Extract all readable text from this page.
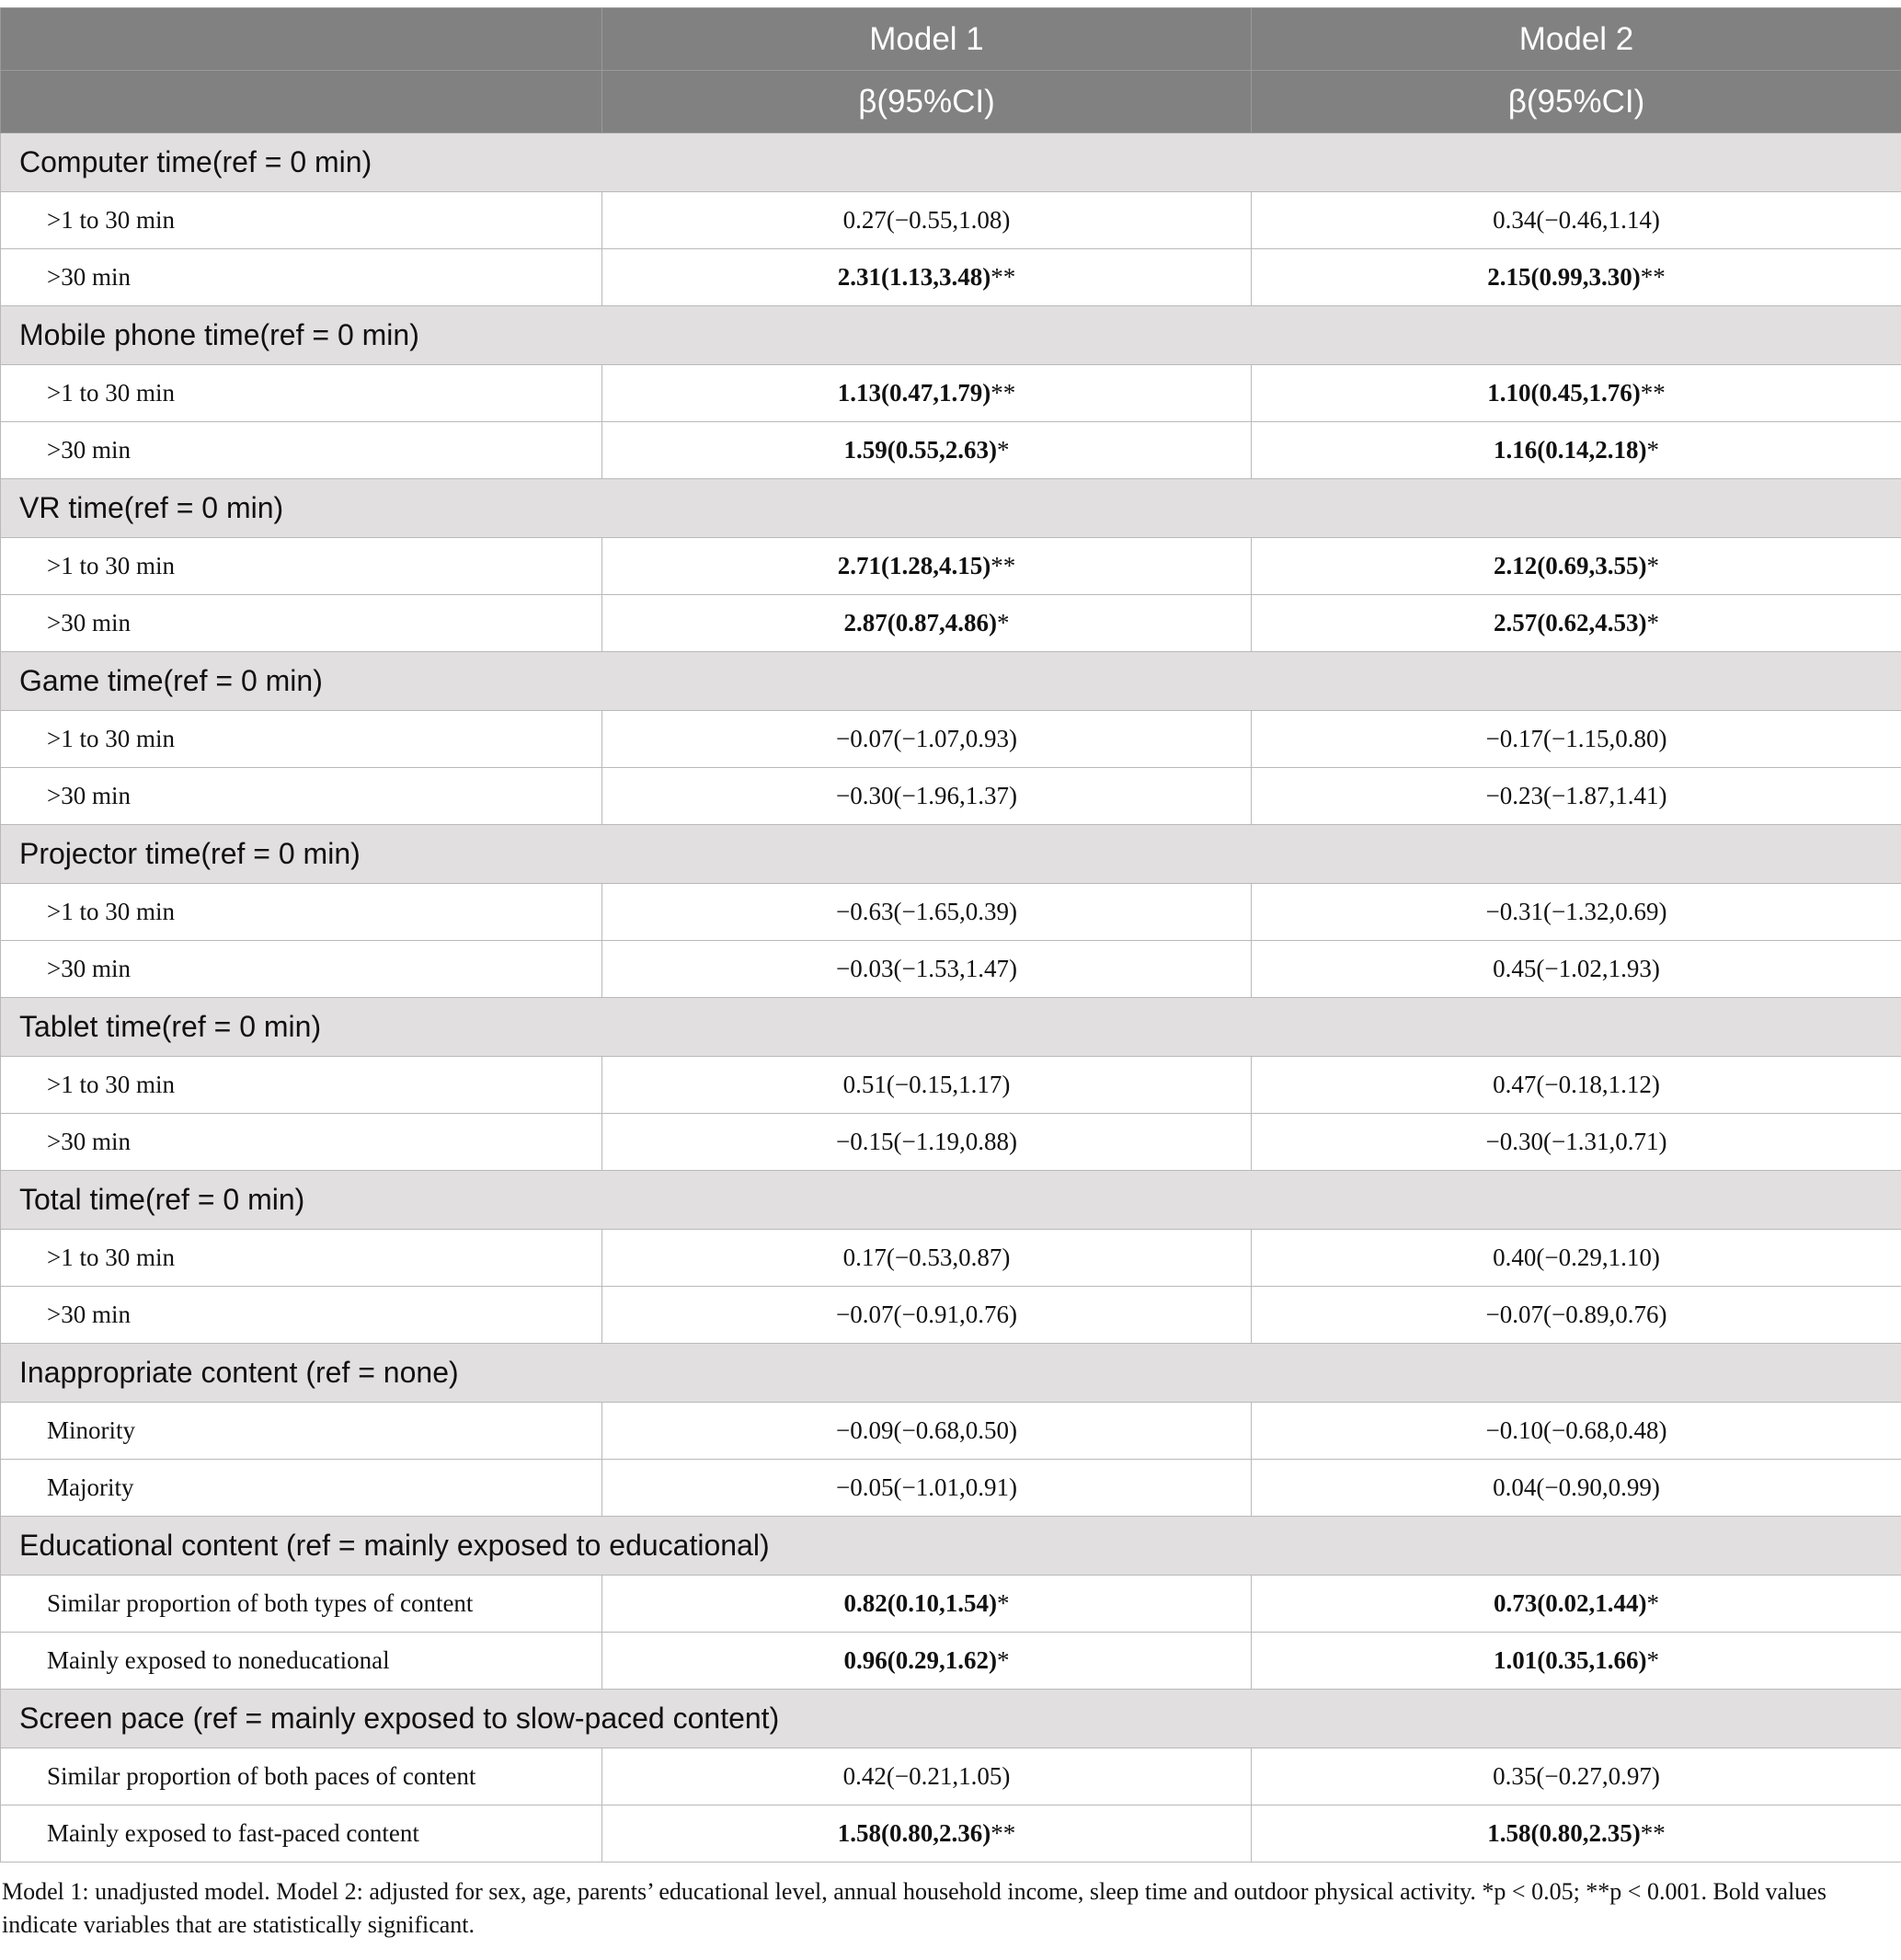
	Model 1	Model 2
	β(95%CI)	β(95%CI)
Computer time(ref = 0 min)		
>1 to 30 min	0.27(−0.55,1.08)	0.34(−0.46,1.14)
>30 min	2.31(1.13,3.48)**	2.15(0.99,3.30)**
Mobile phone time(ref = 0 min)		
>1 to 30 min	1.13(0.47,1.79)**	1.10(0.45,1.76)**
>30 min	1.59(0.55,2.63)*	1.16(0.14,2.18)*
VR time(ref = 0 min)		
>1 to 30 min	2.71(1.28,4.15)**	2.12(0.69,3.55)*
>30 min	2.87(0.87,4.86)*	2.57(0.62,4.53)*
Game time(ref = 0 min)		
>1 to 30 min	−0.07(−1.07,0.93)	−0.17(−1.15,0.80)
>30 min	−0.30(−1.96,1.37)	−0.23(−1.87,1.41)
Projector time(ref = 0 min)		
>1 to 30 min	−0.63(−1.65,0.39)	−0.31(−1.32,0.69)
>30 min	−0.03(−1.53,1.47)	0.45(−1.02,1.93)
Tablet time(ref = 0 min)		
>1 to 30 min	0.51(−0.15,1.17)	0.47(−0.18,1.12)
>30 min	−0.15(−1.19,0.88)	−0.30(−1.31,0.71)
Total time(ref = 0 min)		
>1 to 30 min	0.17(−0.53,0.87)	0.40(−0.29,1.10)
>30 min	−0.07(−0.91,0.76)	−0.07(−0.89,0.76)
Inappropriate content (ref = none)		
Minority	−0.09(−0.68,0.50)	−0.10(−0.68,0.48)
Majority	−0.05(−1.01,0.91)	0.04(−0.90,0.99)
Educational content (ref = mainly exposed to educational)		
Similar proportion of both types of content	0.82(0.10,1.54)*	0.73(0.02,1.44)*
Mainly exposed to noneducational	0.96(0.29,1.62)*	1.01(0.35,1.66)*
Screen pace (ref = mainly exposed to slow-paced content)		
Similar proportion of both paces of content	0.42(−0.21,1.05)	0.35(−0.27,0.97)
Mainly exposed to fast-paced content	1.58(0.80,2.36)**	1.58(0.80,2.35)**
Model 1: unadjusted model. Model 2: adjusted for sex, age, parents’ educational level, annual household income, sleep time and outdoor physical activity. *p < 0.05; **p < 0.001. Bold values indicate variables that are statistically significant.
